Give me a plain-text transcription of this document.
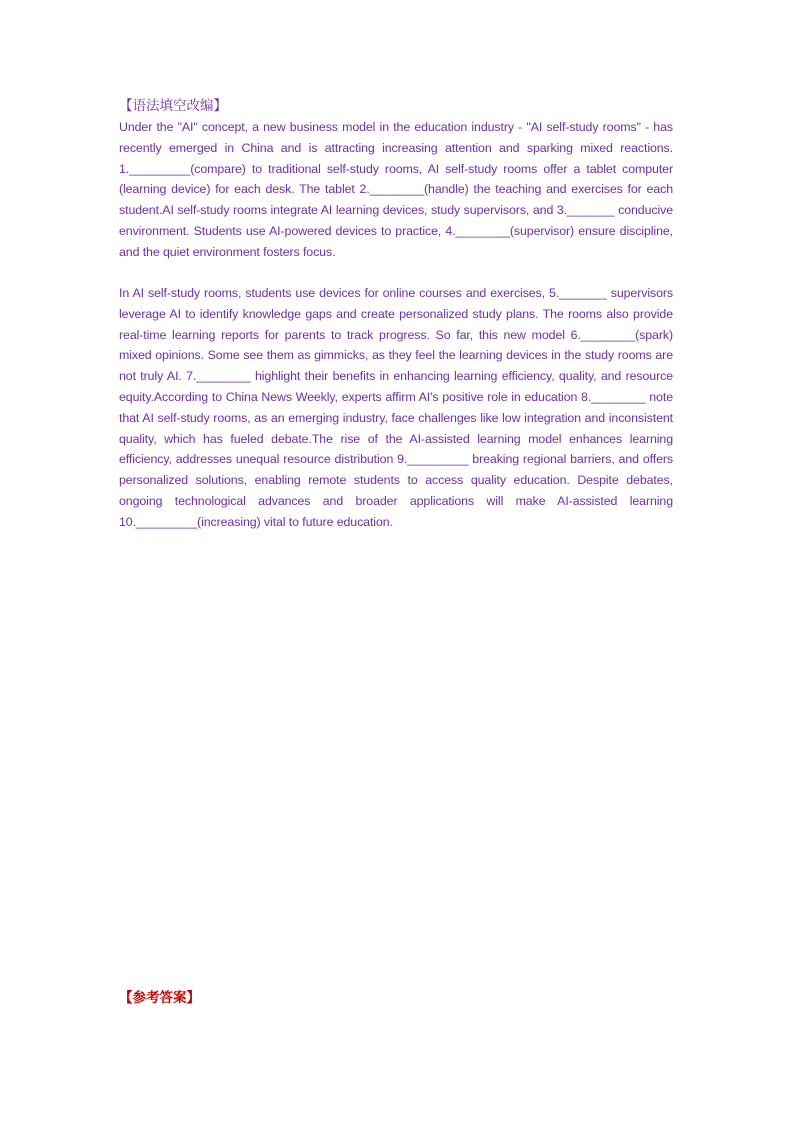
【语法填空改编】

Under the "AI" concept, a new business model in the education industry - "AI self-study rooms" - has recently emerged in China and is attracting increasing attention and sparking mixed reactions. 1._________(compare) to traditional self-study rooms, AI self-study rooms offer a tablet computer (learning device) for each desk. The tablet 2.________(handle) the teaching and exercises for each student.AI self-study rooms integrate AI learning devices, study supervisors, and 3._______ conducive environment. Students use AI-powered devices to practice, 4.________(supervisor) ensure discipline, and the quiet environment fosters focus.

In AI self-study rooms, students use devices for online courses and exercises, 5._______ supervisors leverage AI to identify knowledge gaps and create personalized study plans. The rooms also provide real-time learning reports for parents to track progress. So far, this new model 6.________(spark) mixed opinions. Some see them as gimmicks, as they feel the learning devices in the study rooms are not truly AI. 7.________ highlight their benefits in enhancing learning efficiency, quality, and resource equity.According to China News Weekly, experts affirm AI's positive role in education 8.________ note that AI self-study rooms, as an emerging industry, face challenges like low integration and inconsistent quality, which has fueled debate.The rise of the AI-assisted learning model enhances learning efficiency, addresses unequal resource distribution 9._________ breaking regional barriers, and offers personalized solutions, enabling remote students to access quality education. Despite debates, ongoing technological advances and broader applications will make AI-assisted learning 10._________(increasing) vital to future education.

【参考答案】
